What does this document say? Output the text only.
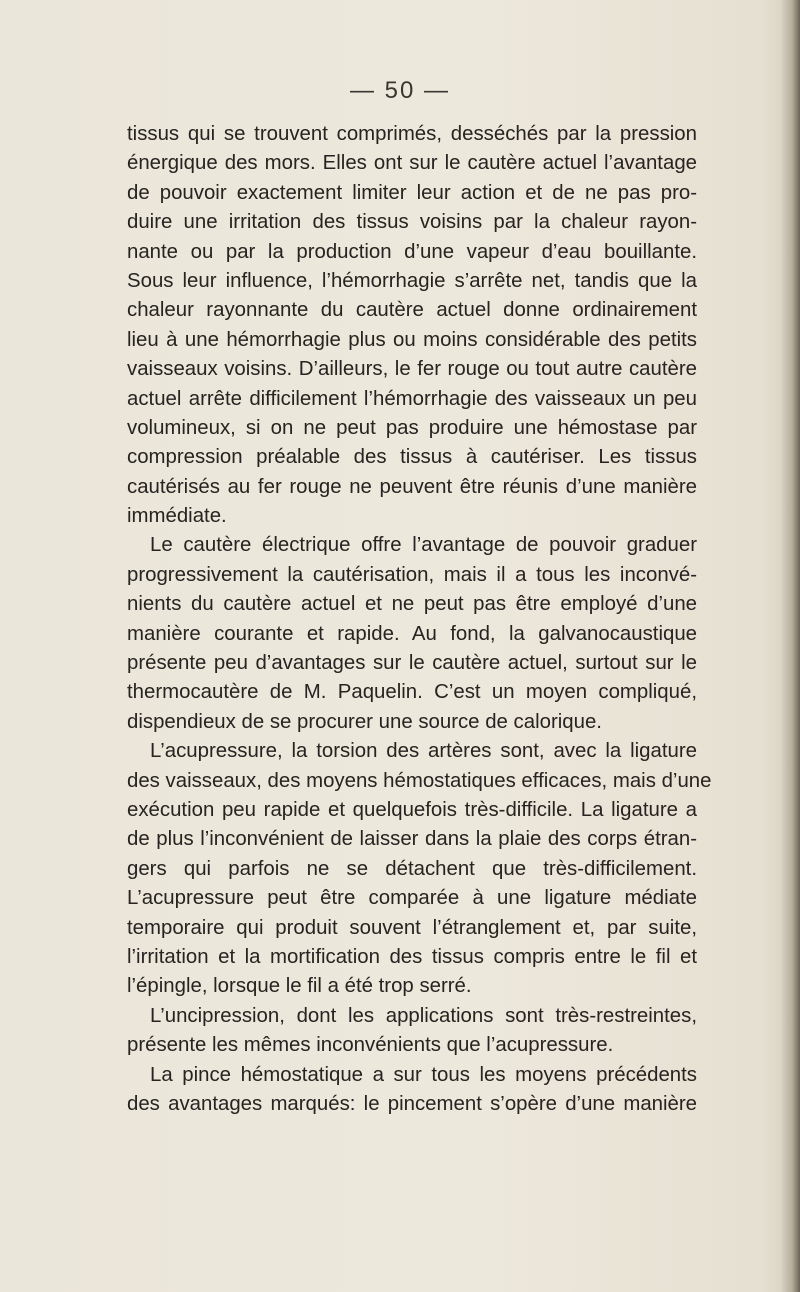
— 50 —
tissus qui se trouvent comprimés, desséchés par la pression
énergique des mors. Elles ont sur le cautère actuel l’avantage
de pouvoir exactement limiter leur action et de ne pas pro-
duire une irritation des tissus voisins par la chaleur rayon-
nante ou par la production d’une vapeur d’eau bouillante.
Sous leur influence, l’hémorrhagie s’arrête net, tandis que la
chaleur rayonnante du cautère actuel donne ordinairement
lieu à une hémorrhagie plus ou moins considérable des petits
vaisseaux voisins. D’ailleurs, le fer rouge ou tout autre cautère
actuel arrête difficilement l’hémorrhagie des vaisseaux un peu
volumineux, si on ne peut pas produire une hémostase par
compression préalable des tissus à cautériser. Les tissus
cautérisés au fer rouge ne peuvent être réunis d’une manière
immédiate.
Le cautère électrique offre l’avantage de pouvoir graduer
progressivement la cautérisation, mais il a tous les inconvé-
nients du cautère actuel et ne peut pas être employé d’une
manière courante et rapide. Au fond, la galvanocaustique
présente peu d’avantages sur le cautère actuel, surtout sur le
thermocautère de M. Paquelin. C’est un moyen compliqué,
dispendieux de se procurer une source de calorique.
L’acupressure, la torsion des artères sont, avec la ligature
des vaisseaux, des moyens hémostatiques efficaces, mais d’une
exécution peu rapide et quelquefois très-difficile. La ligature a
de plus l’inconvénient de laisser dans la plaie des corps étran-
gers qui parfois ne se détachent que très-difficilement.
L’acupressure peut être comparée à une ligature médiate
temporaire qui produit souvent l’étranglement et, par suite,
l’irritation et la mortification des tissus compris entre le fil et
l’épingle, lorsque le fil a été trop serré.
L’uncipression, dont les applications sont très-restreintes,
présente les mêmes inconvénients que l’acupressure.
La pince hémostatique a sur tous les moyens précédents
des avantages marqués: le pincement s’opère d’une manière
